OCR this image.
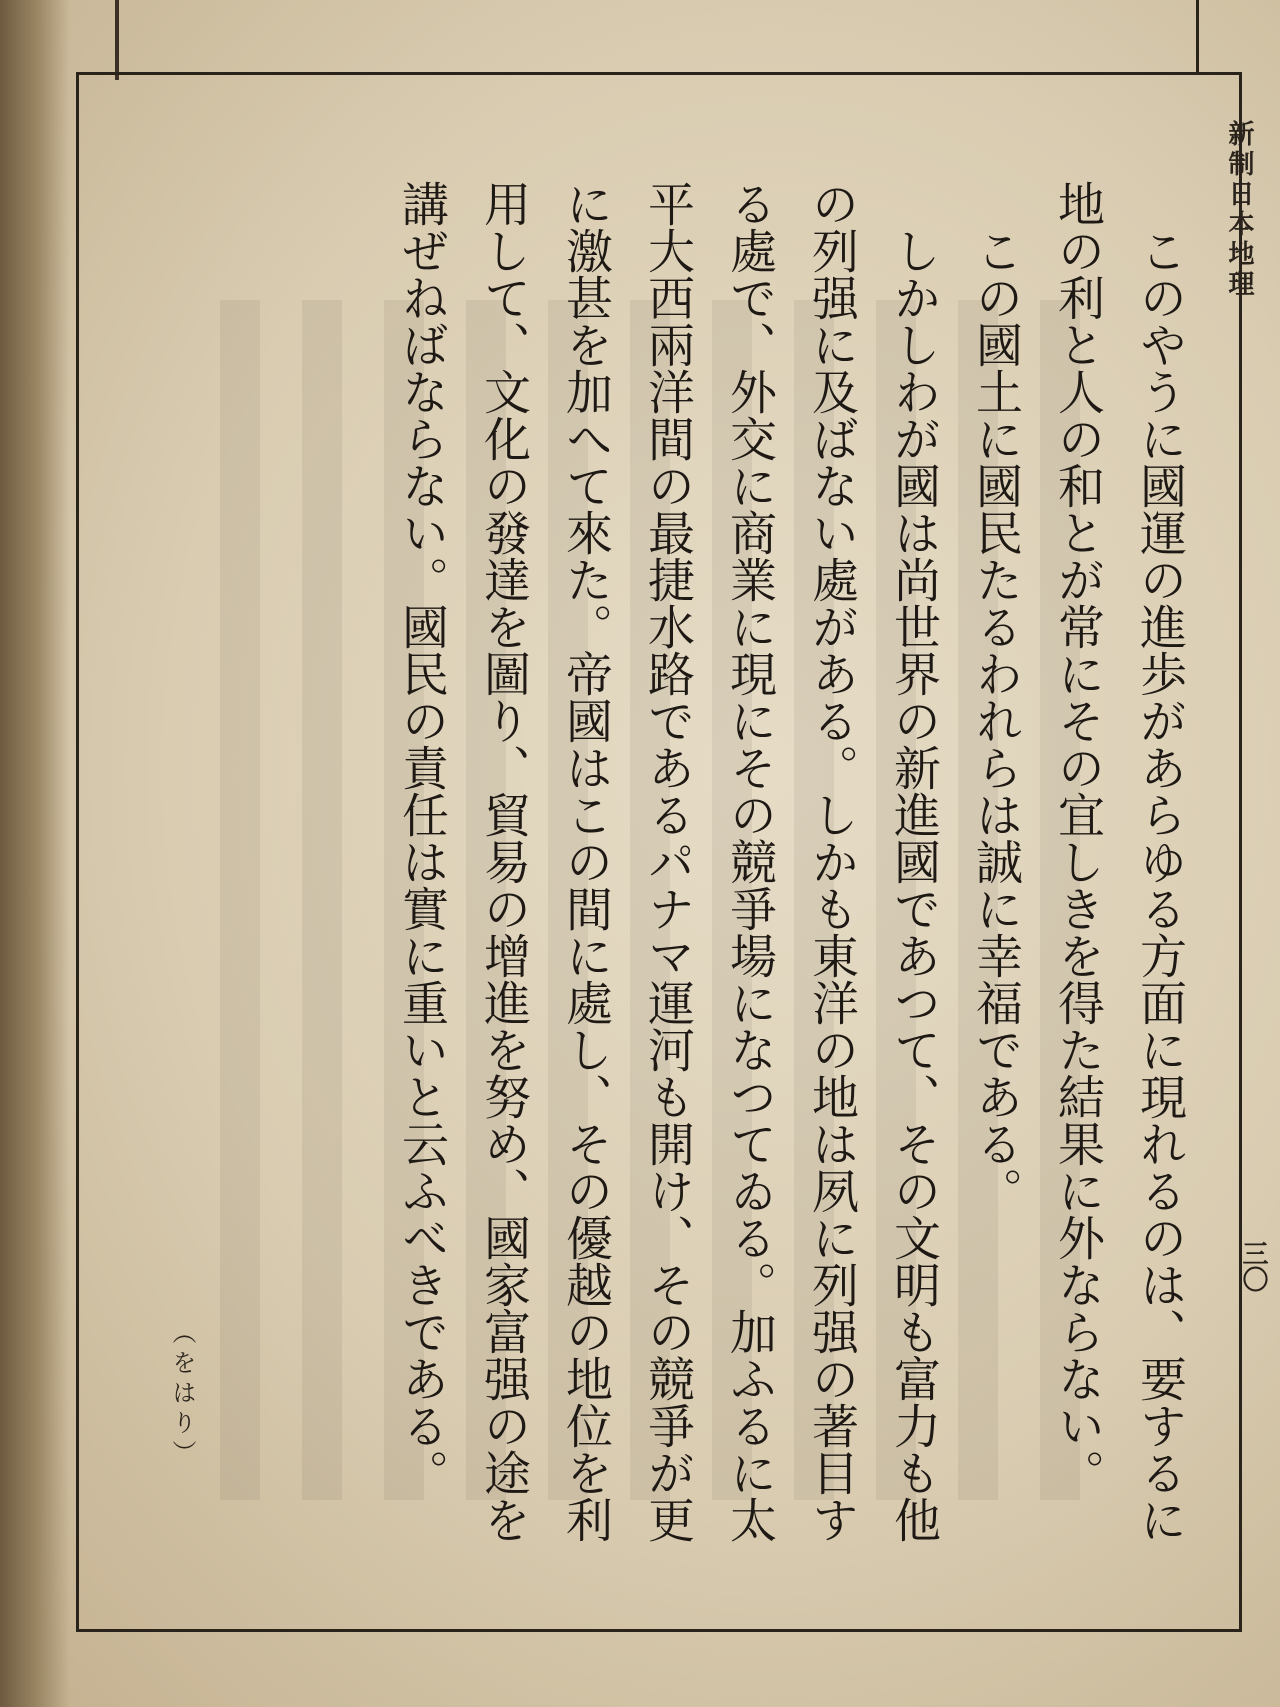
新制日本地理
三〇

このやうに國運の進歩があらゆる方面に現れるのは、要するに地の利と人の和とが常にその宜しきを得た結果に外ならない。

この國土に國民たるわれらは誠に幸福である。

しかしわが國は尚世界の新進國であつて、その文明も富力も他の列强に及ばない處がある。しかも東洋の地は夙に列强の著目する處で、外交に商業に現にその競爭場になつてゐる。加ふるに太平大西兩洋間の最捷水路であるパナマ運河も開け、その競爭が更に激甚を加へて來た。帝國はこの間に處し、その優越の地位を利用して、文化の發達を圖り、貿易の增進を努め、國家富强の途を講ぜねばならない。國民の責任は實に重いと云ふべきである。

（をはり）
